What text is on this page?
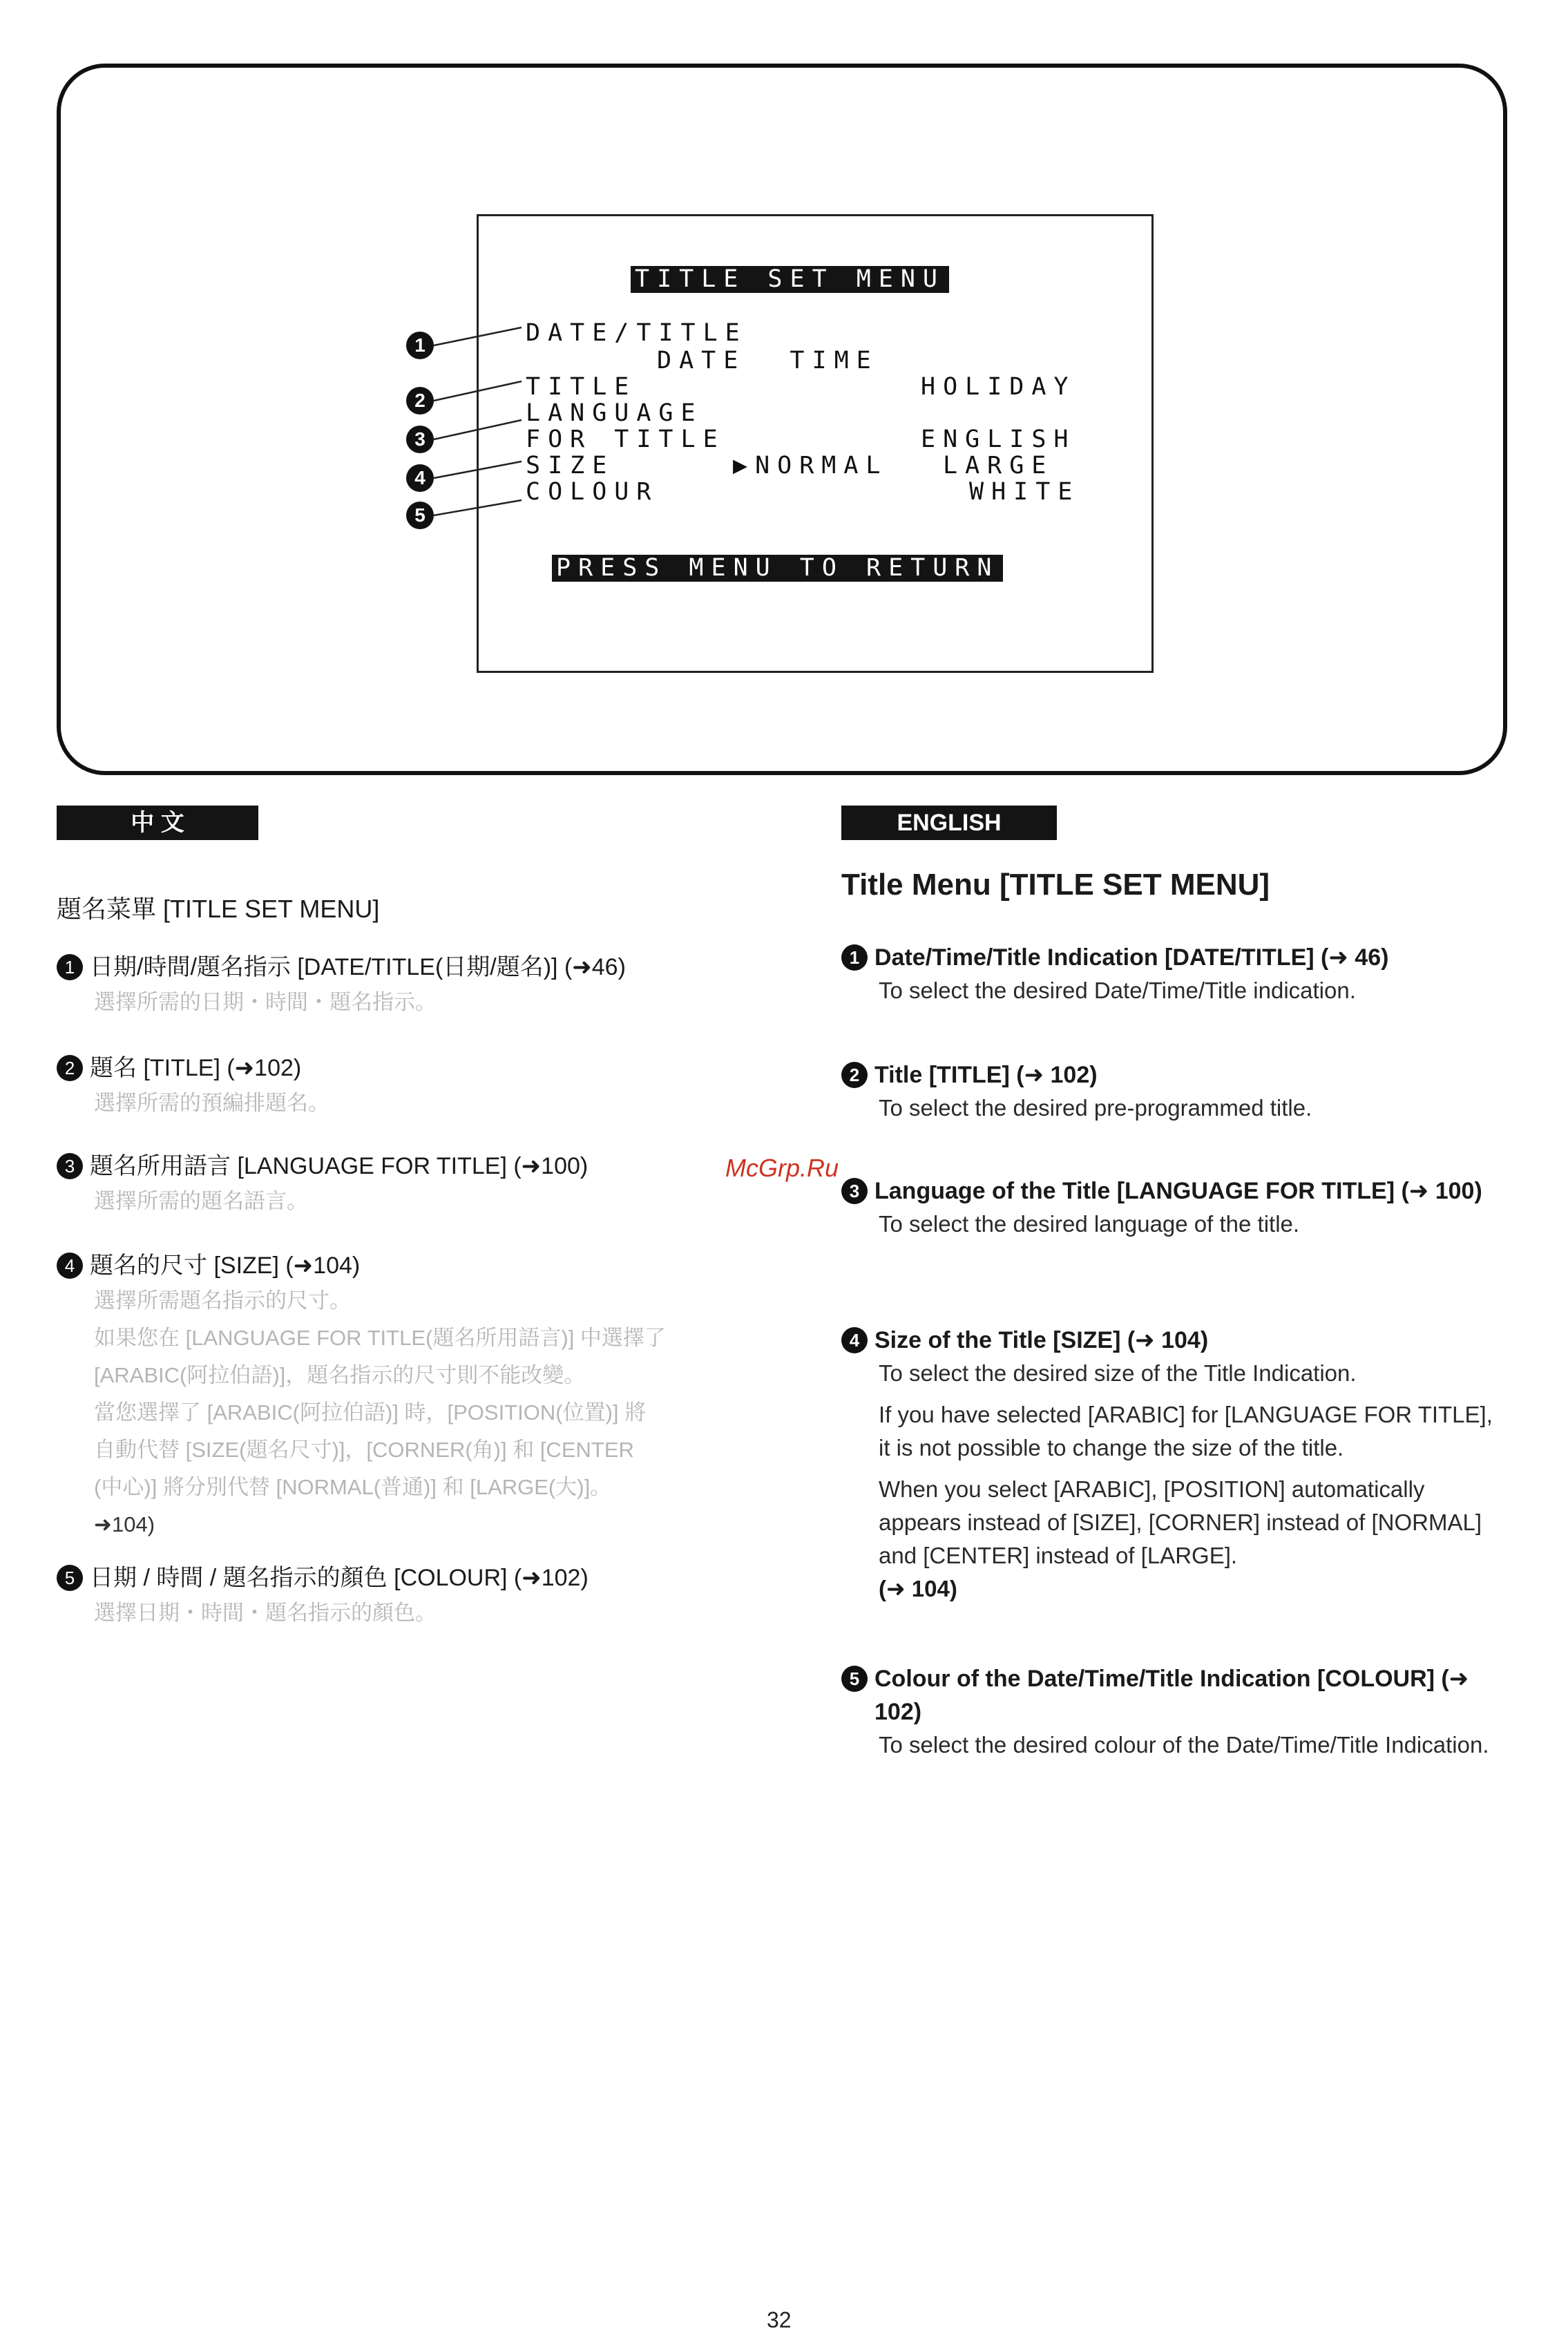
1
2
3
4
5
TITLE SET MENU
DATE/TITLE
DATE  TIME
TITLE	HOLIDAY
LANGUAGE
FOR TITLE	ENGLISH
SIZE	▶NORMAL LARGE
COLOUR	WHITE
PRESS MENU TO RETURN
中 文
題名菜單 [TITLE SET MENU]
1 日期/時間/題名指示 [DATE/TITLE(日期/題名)] (➜46)
選擇所需的日期・時間・題名指示。
2 題名 [TITLE] (➜102)
選擇所需的預編排題名。
3 題名所用語言 [LANGUAGE FOR TITLE] (➜100)
選擇所需的題名語言。
4 題名的尺寸 [SIZE] (➜104)
選擇所需題名指示的尺寸。
如果您在 [LANGUAGE FOR TITLE(題名所用語言)] 中選擇了
[ARABIC(阿拉伯語)]，題名指示的尺寸則不能改變。
當您選擇了 [ARABIC(阿拉伯語)] 時，[POSITION(位置)] 將
自動代替 [SIZE(題名尺寸)]，[CORNER(角)] 和 [CENTER
(中心)] 將分別代替 [NORMAL(普通)] 和 [LARGE(大)]。
➜104)
5 日期 / 時間 / 題名指示的顏色 [COLOUR] (➜102)
選擇日期・時間・題名指示的顏色。
ENGLISH
Title Menu [TITLE SET MENU]
1 Date/Time/Title Indication [DATE/TITLE] (➜ 46)

To select the desired Date/Time/Title indication.

2 Title [TITLE] (➜ 102)

To select the desired pre-programmed title.

3 Language of the Title [LANGUAGE FOR TITLE] (➜ 100)

To select the desired language of the title.

4 Size of the Title [SIZE] (➜ 104)

To select the desired size of the Title Indication.

If you have selected [ARABIC] for [LANGUAGE FOR TITLE], it is not possible to change the size of the title.

When you select [ARABIC], [POSITION] automatically appears instead of [SIZE], [CORNER] instead of [NORMAL] and [CENTER] instead of [LARGE].

(➜ 104)

5 Colour of the Date/Time/Title Indication [COLOUR] (➜ 102)

To select the desired colour of the Date/Time/Title Indication.

McGrp.Ru
32
